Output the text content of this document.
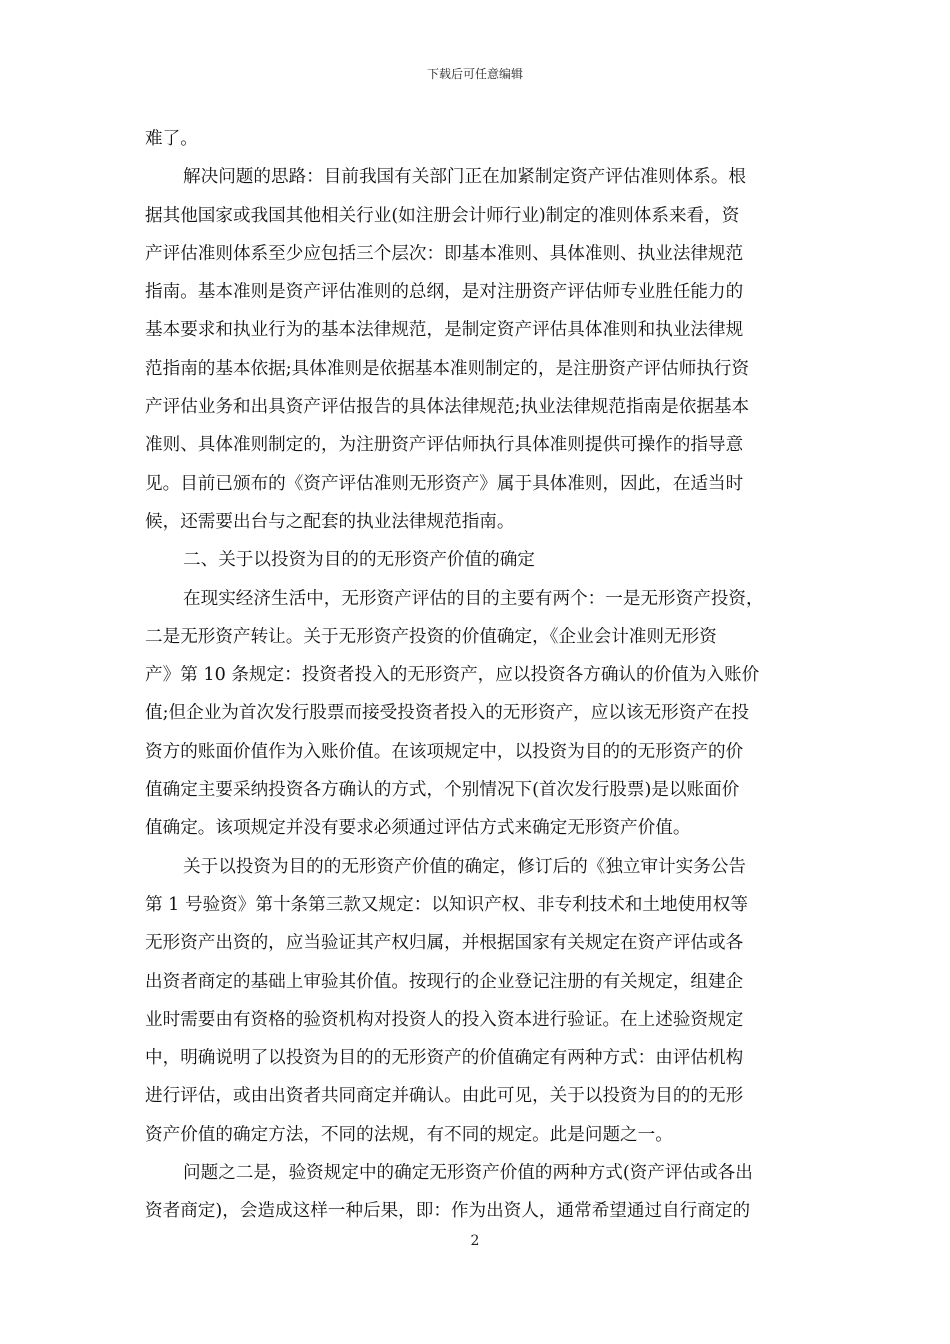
下载后可任意编辑
难了。
解决问题的思路：目前我国有关部门正在加紧制定资产评估准则体系。根
据其他国家或我国其他相关行业(如注册会计师行业)制定的准则体系来看，资
产评估准则体系至少应包括三个层次：即基本准则、具体准则、执业法律规范
指南。基本准则是资产评估准则的总纲，是对注册资产评估师专业胜任能力的
基本要求和执业行为的基本法律规范，是制定资产评估具体准则和执业法律规
范指南的基本依据;具体准则是依据基本准则制定的，是注册资产评估师执行资
产评估业务和出具资产评估报告的具体法律规范;执业法律规范指南是依据基本
准则、具体准则制定的，为注册资产评估师执行具体准则提供可操作的指导意
见。目前已颁布的《资产评估准则无形资产》属于具体准则，因此，在适当时
候，还需要出台与之配套的执业法律规范指南。
二、关于以投资为目的的无形资产价值的确定
在现实经济生活中，无形资产评估的目的主要有两个：一是无形资产投资，
二是无形资产转让。关于无形资产投资的价值确定，《企业会计准则无形资
产》第 10 条规定：投资者投入的无形资产，应以投资各方确认的价值为入账价
值;但企业为首次发行股票而接受投资者投入的无形资产，应以该无形资产在投
资方的账面价值作为入账价值。在该项规定中，以投资为目的的无形资产的价
值确定主要采纳投资各方确认的方式，个别情况下(首次发行股票)是以账面价
值确定。该项规定并没有要求必须通过评估方式来确定无形资产价值。
关于以投资为目的的无形资产价值的确定，修订后的《独立审计实务公告
第 1 号验资》第十条第三款又规定：以知识产权、非专利技术和土地使用权等
无形资产出资的，应当验证其产权归属，并根据国家有关规定在资产评估或各
出资者商定的基础上审验其价值。按现行的企业登记注册的有关规定，组建企
业时需要由有资格的验资机构对投资人的投入资本进行验证。在上述验资规定
中，明确说明了以投资为目的的无形资产的价值确定有两种方式：由评估机构
进行评估，或由出资者共同商定并确认。由此可见，关于以投资为目的的无形
资产价值的确定方法，不同的法规，有不同的规定。此是问题之一。
问题之二是，验资规定中的确定无形资产价值的两种方式(资产评估或各出
资者商定)，会造成这样一种后果，即：作为出资人，通常希望通过自行商定的
2
